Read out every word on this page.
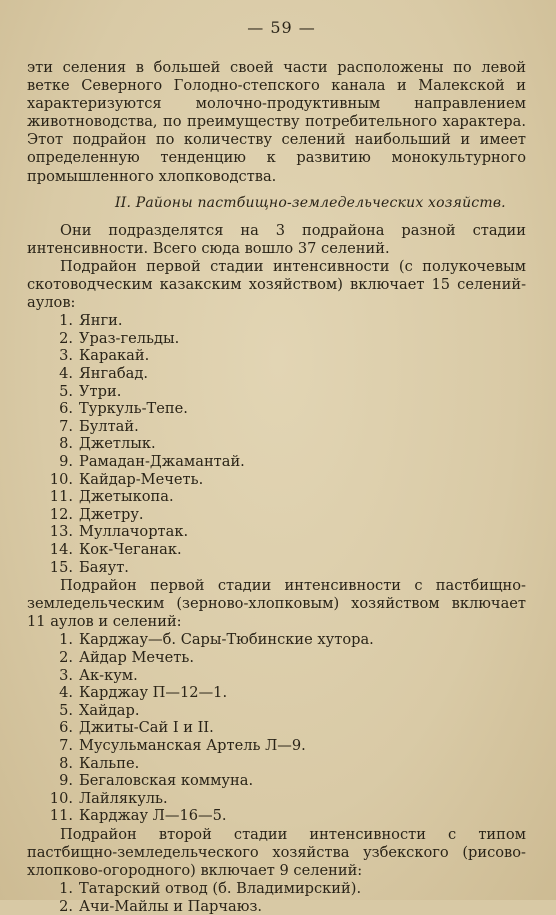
— 59 —

эти селения в большей своей части расположены по левой ветке Северного Голодно-степского канала и Малекской и характеризуются молочно-продуктивным направлением животноводства, по преимуществу потребительного характера. Этот подрайон по количеству селений наибольший и имеет определенную тенденцию к развитию монокультурного промышленного хлопководства.

II. Районы пастбищно-земледельческих хозяйств.

Они подразделятся на 3 подрайона разной стадии интенсивности. Всего сюда вошло 37 селений.

Подрайон первой стадии интенсивности (с полукочевым скотоводческим казакским хозяйством) включает 15 селений-аулов:

1. Янги.
2. Ураз-гельды.
3. Каракай.
4. Янгабад.
5. Утри.
6. Туркуль-Тепе.
7. Бултай.
8. Джетлык.
9. Рамадан-Джамантай.
10. Кайдар-Мечеть.
11. Джетыкопа.
12. Джетру.
13. Муллачортак.
14. Кок-Чеганак.
15. Баяут.

Подрайон первой стадии интенсивности с пастбищно-земледельческим (зерново-хлопковым) хозяйством включает 11 аулов и селений:

1. Карджау—б. Сары-Тюбинские хутора.
2. Айдар Мечеть.
3. Ак-кум.
4. Карджау П—12—1.
5. Хайдар.
6. Джиты-Сай I и II.
7. Мусульманская Артель Л—9.
8. Кальпе.
9. Бегаловская коммуна.
10. Лайлякуль.
11. Карджау Л—16—5.

Подрайон второй стадии интенсивности с типом пастбищно-земледельческого хозяйства узбекского (рисово-хлопково-огородного) включает 9 селений:

1. Татарский отвод (б. Владимирский).
2. Ачи-Майлы и Парчаюз.
